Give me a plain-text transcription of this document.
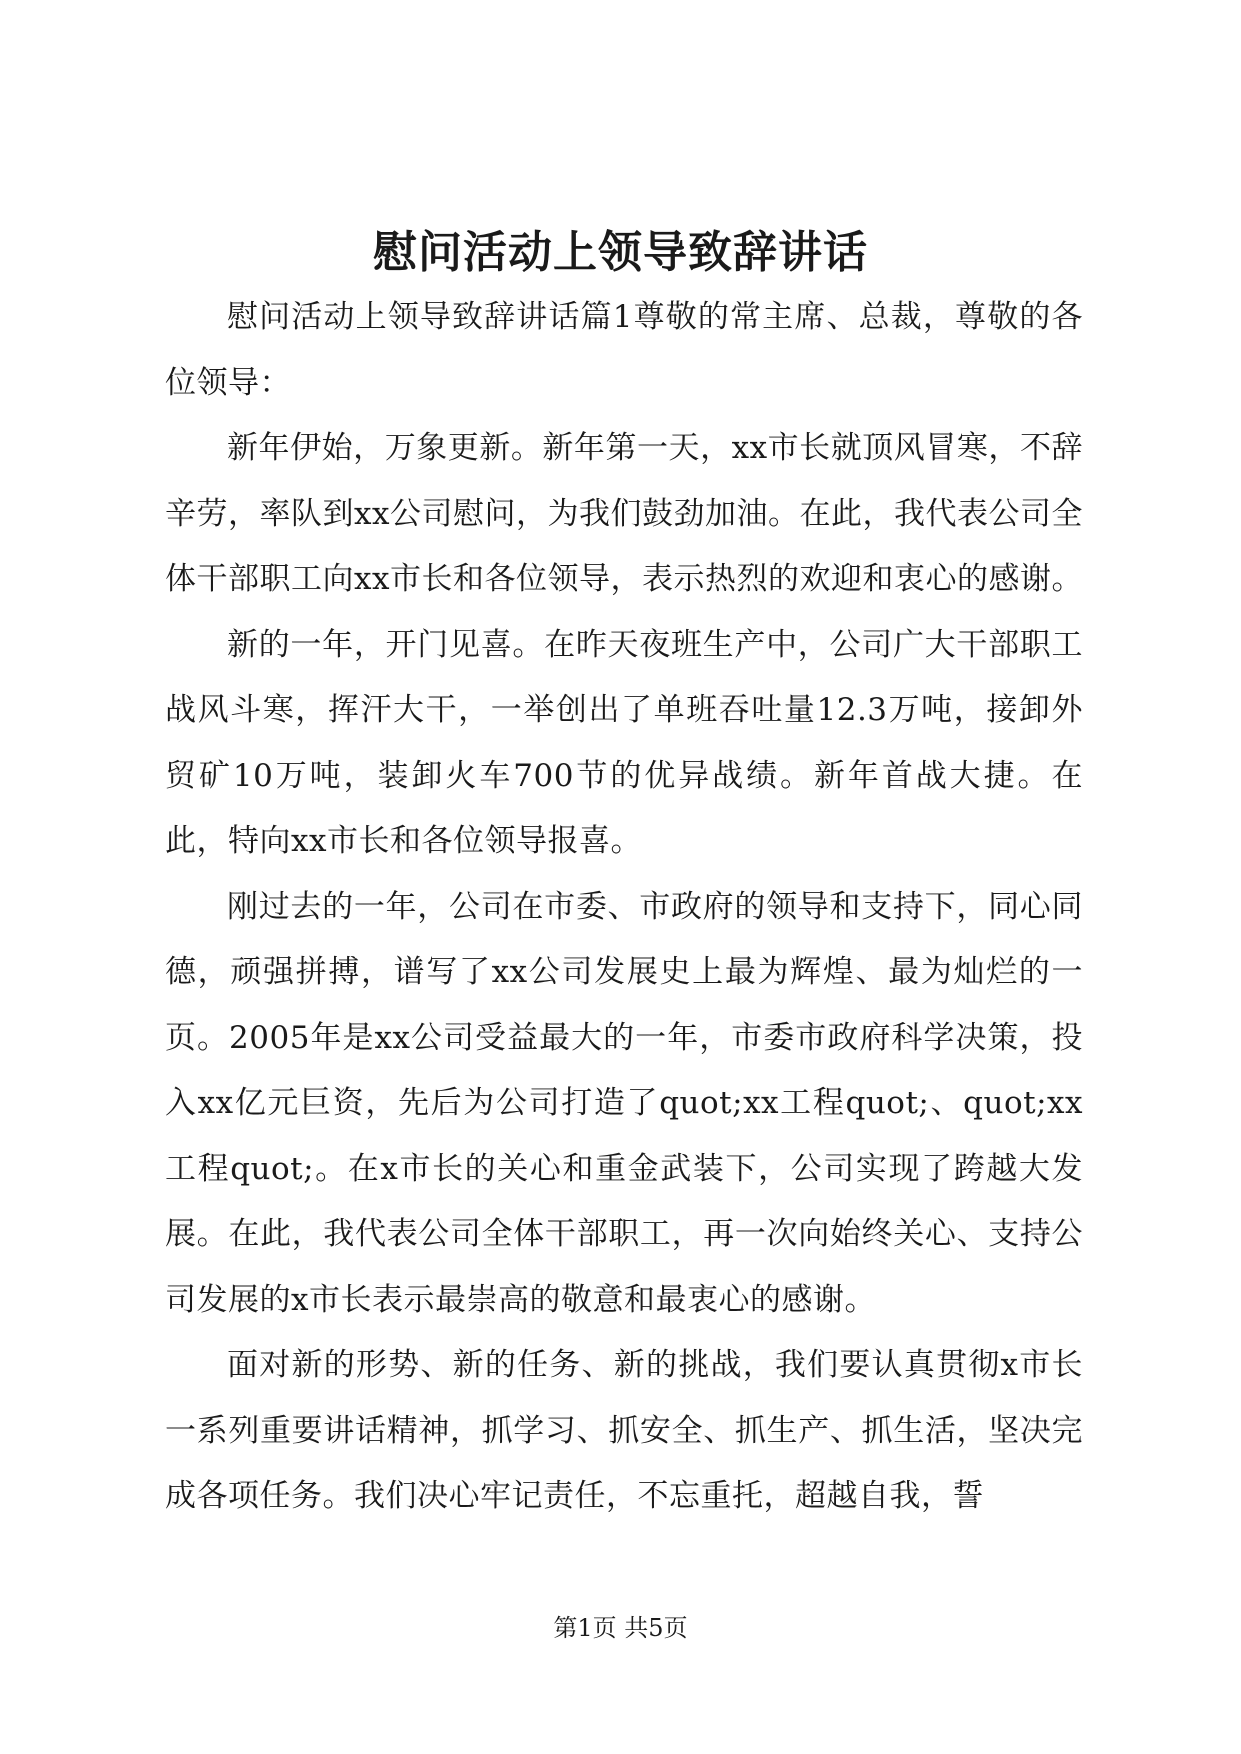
慰问活动上领导致辞讲话

慰问活动上领导致辞讲话篇1尊敬的常主席、总裁，尊敬的各位领导：

新年伊始，万象更新。新年第一天，xx市长就顶风冒寒，不辞辛劳，率队到xx公司慰问，为我们鼓劲加油。在此，我代表公司全体干部职工向xx市长和各位领导，表示热烈的欢迎和衷心的感谢。

新的一年，开门见喜。在昨天夜班生产中，公司广大干部职工战风斗寒，挥汗大干，一举创出了单班吞吐量12.3万吨，接卸外贸矿10万吨，装卸火车700节的优异战绩。新年首战大捷。在此，特向xx市长和各位领导报喜。

刚过去的一年，公司在市委、市政府的领导和支持下，同心同德，顽强拼搏，谱写了xx公司发展史上最为辉煌、最为灿烂的一页。2005年是xx公司受益最大的一年，市委市政府科学决策，投入xx亿元巨资，先后为公司打造了quot;xx工程quot;、quot;xx工程quot;。在x市长的关心和重金武装下，公司实现了跨越大发展。在此，我代表公司全体干部职工，再一次向始终关心、支持公司发展的x市长表示最崇高的敬意和最衷心的感谢。

面对新的形势、新的任务、新的挑战，我们要认真贯彻x市长一系列重要讲话精神，抓学习、抓安全、抓生产、抓生活，坚决完成各项任务。我们决心牢记责任，不忘重托，超越自我，誓

第1页 共5页
